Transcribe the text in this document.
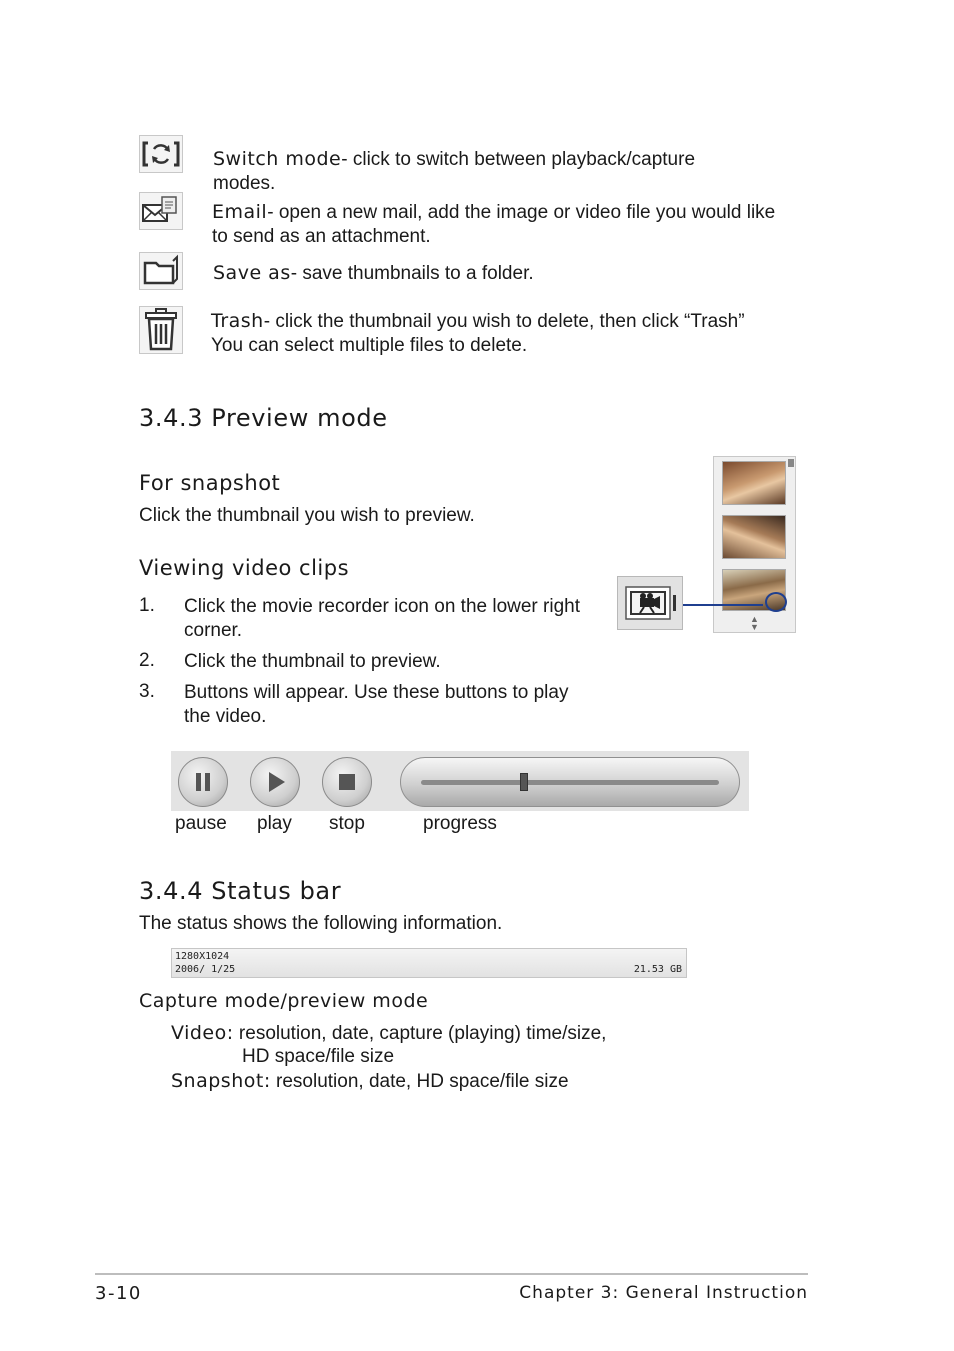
Switch mode- click to switch between playback/capture
modes.
Email- open a new mail, add the image or video file you would like
to send as an attachment.
Save as- save thumbnails to a folder.
Trash- click the thumbnail you wish to delete, then click “Trash”
You can select multiple files to delete.
3.4.3 Preview mode
For snapshot
Click the thumbnail you wish to preview.
Viewing video clips
1. Click the movie recorder icon on the lower right
corner.
2. Click the thumbnail to preview.
3. Buttons will appear. Use these buttons to play
the video.
▲
▼
pause play stop	progress
3.4.4 Status bar
The status shows the following information.
1280X1024
2006/ 1/25	21.53 GB
Capture mode/preview mode
Video: resolution, date, capture (playing) time/size,
HD space/file size
Snapshot: resolution, date, HD space/file size
3-10	Chapter 3: General Instruction
